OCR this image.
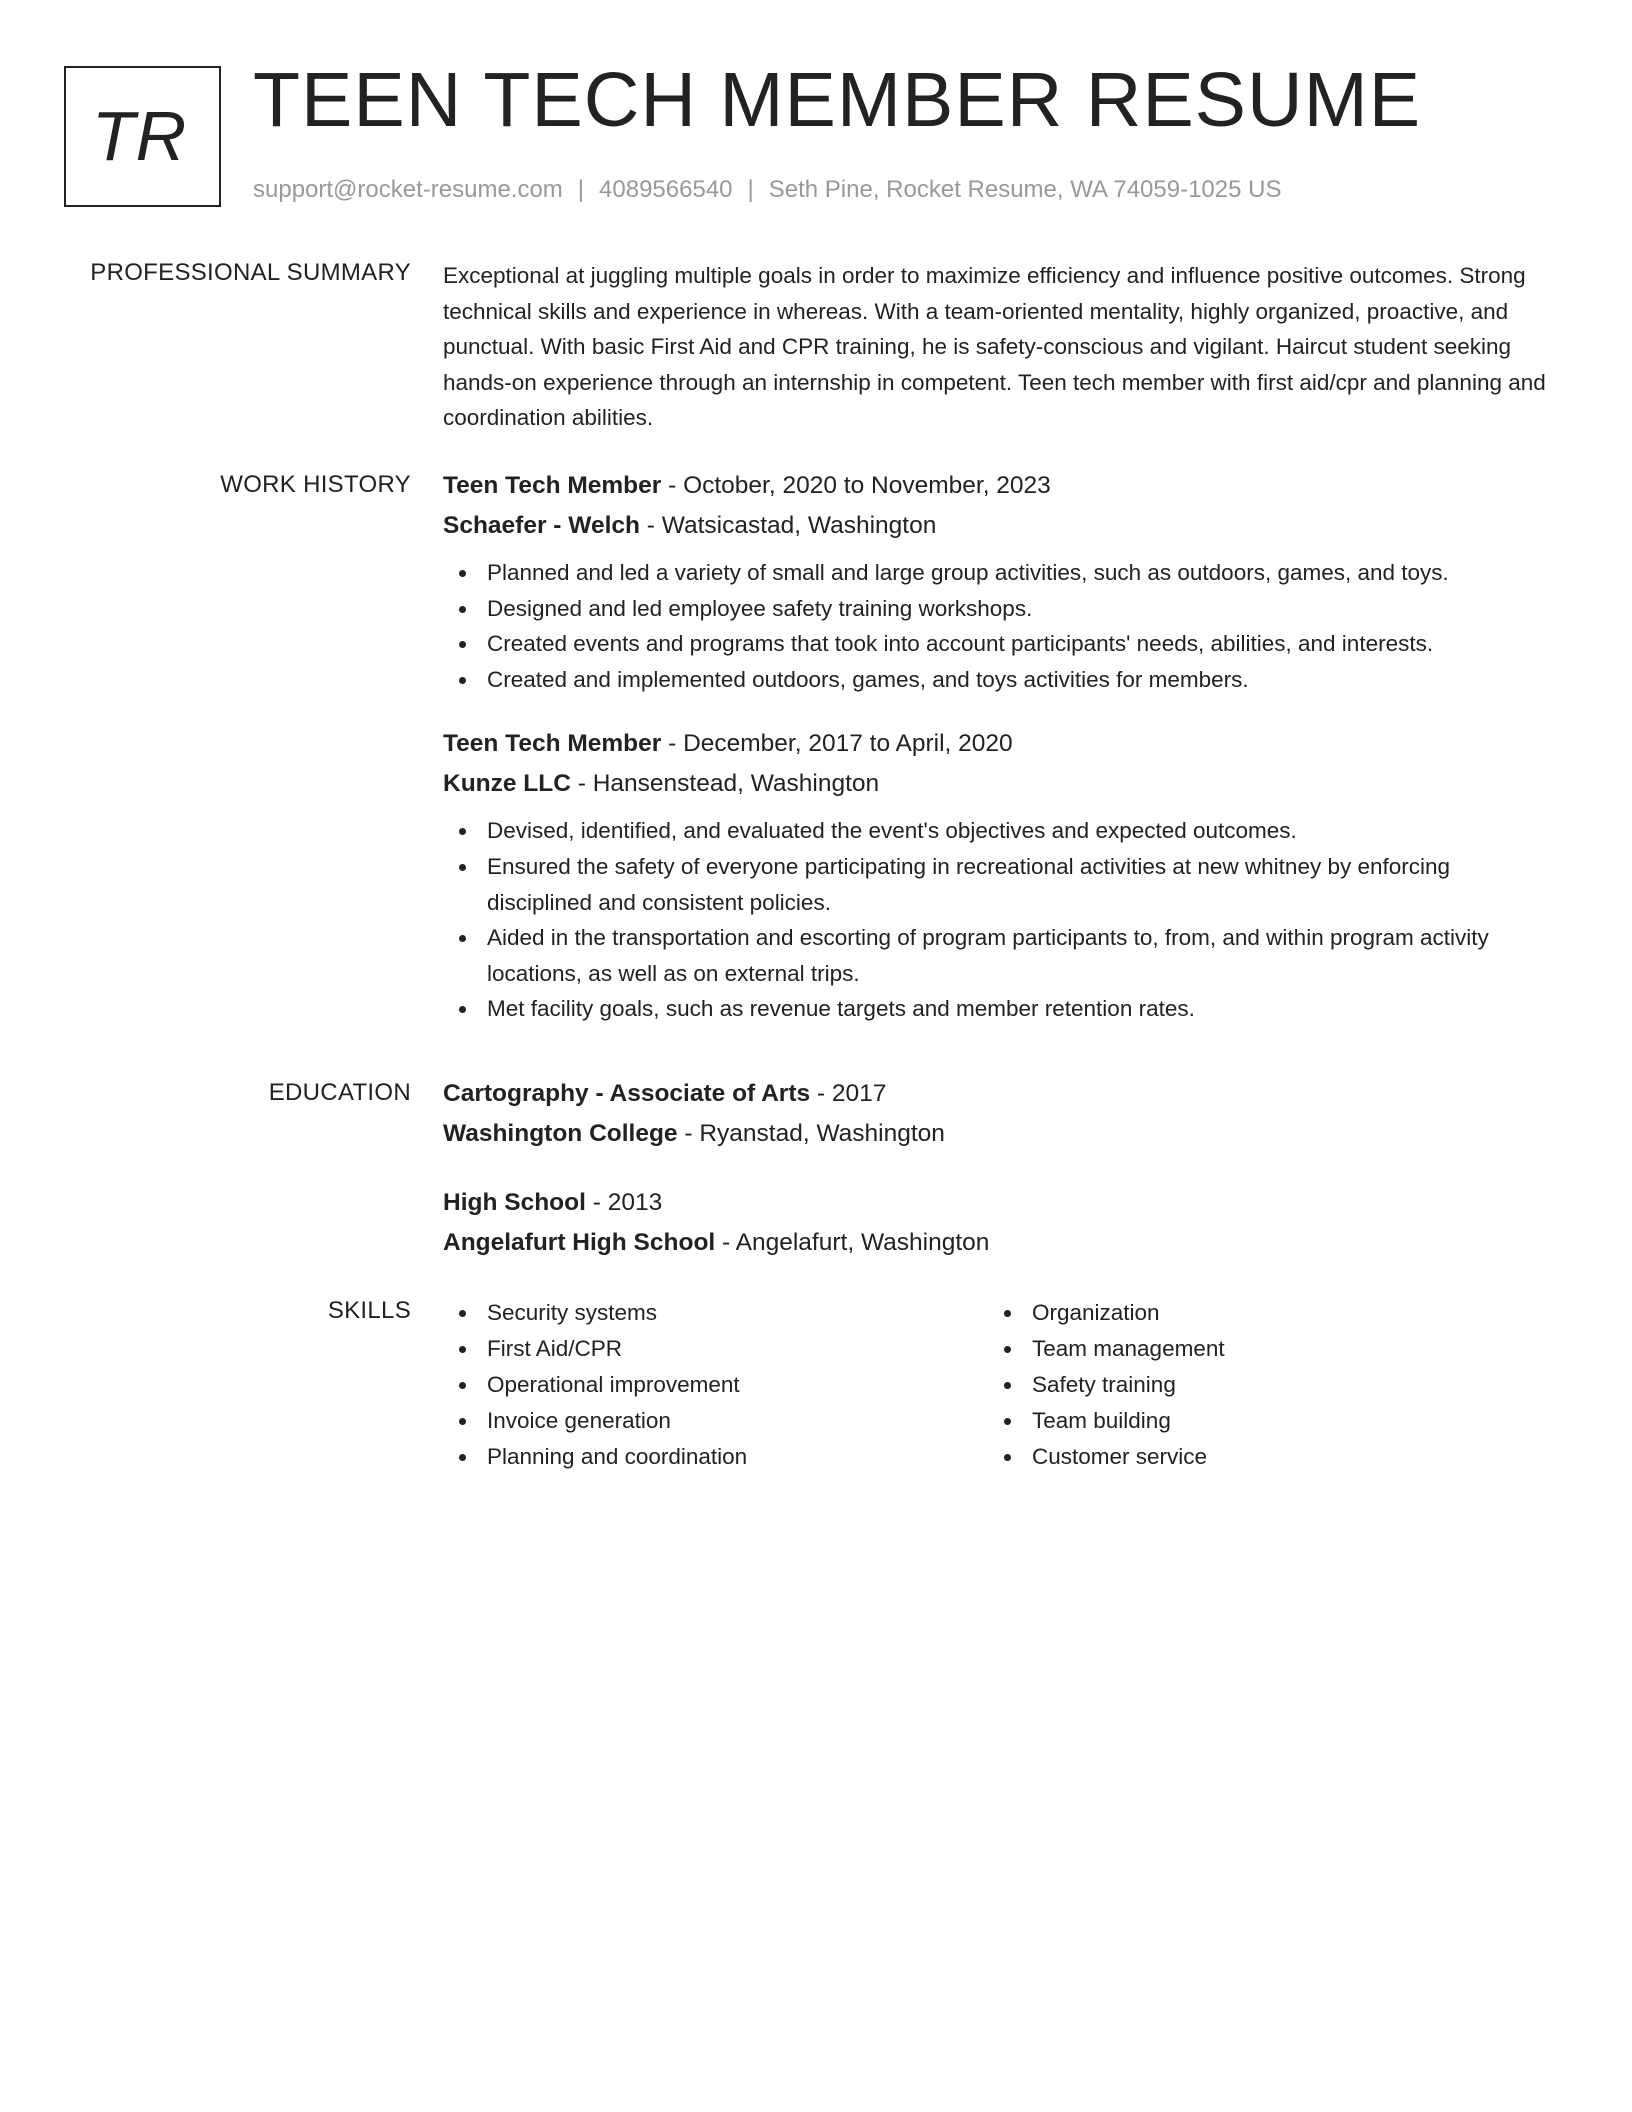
TR TEEN TECH MEMBER RESUME
support@rocket-resume.com | 4089566540 | Seth Pine, Rocket Resume, WA 74059-1025 US
PROFESSIONAL SUMMARY Exceptional at juggling multiple goals in order to maximize efficiency and influence positive outcomes. Strong technical skills and experience in whereas. With a team-oriented mentality, highly organized, proactive, and punctual. With basic First Aid and CPR training, he is safety-conscious and vigilant. Haircut student seeking hands-on experience through an internship in competent. Teen tech member with first aid/cpr and planning and coordination abilities.

WORK HISTORY Teen Tech Member - October, 2020 to November, 2023
Schaefer - Welch - Watsicastad, Washington
Planned and led a variety of small and large group activities, such as outdoors, games, and toys.
Designed and led employee safety training workshops.
Created events and programs that took into account participants' needs, abilities, and interests.
Created and implemented outdoors, games, and toys activities for members.
Teen Tech Member - December, 2017 to April, 2020
Kunze LLC - Hansenstead, Washington
Devised, identified, and evaluated the event's objectives and expected outcomes.
Ensured the safety of everyone participating in recreational activities at new whitney by enforcing disciplined and consistent policies.
Aided in the transportation and escorting of program participants to, from, and within program activity locations, as well as on external trips.
Met facility goals, such as revenue targets and member retention rates.
EDUCATION Cartography - Associate of Arts - 2017
Washington College - Ryanstad, Washington
High School - 2013
Angelafurt High School - Angelafurt, Washington
SKILLS	Security systems
First Aid/CPR
Operational improvement
Invoice generation
Planning and coordination
Organization
Team management
Safety training
Team building
Customer service
